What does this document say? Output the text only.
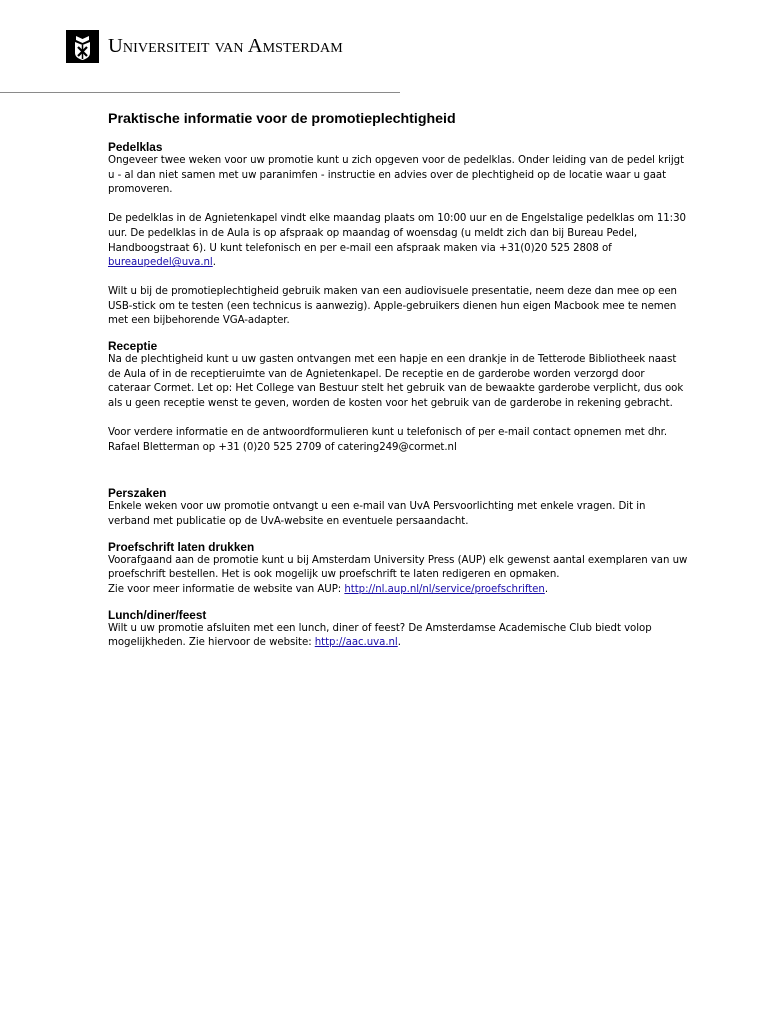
Universiteit van Amsterdam
Praktische informatie voor de promotieplechtigheid
Pedelklas

Ongeveer twee weken voor uw promotie kunt u zich opgeven voor de pedelklas. Onder leiding van de pedel krijgt u - al dan niet samen met uw paranimfen - instructie en advies over de plechtigheid op de locatie waar u gaat promoveren.

De pedelklas in de Agnietenkapel vindt elke maandag plaats om 10:00 uur en de Engelstalige pedelklas om 11:30 uur. De pedelklas in de Aula is op afspraak op maandag of woensdag (u meldt zich dan bij Bureau Pedel, Handboogstraat 6). U kunt telefonisch en per e-mail een afspraak maken via +31(0)20 525 2808 of bureaupedel@uva.nl.

Wilt u bij de promotieplechtigheid gebruik maken van een audiovisuele presentatie, neem deze dan mee op een USB-stick om te testen (een technicus is aanwezig). Apple-gebruikers dienen hun eigen Macbook mee te nemen met een bijbehorende VGA-adapter.

Receptie

Na de plechtigheid kunt u uw gasten ontvangen met een hapje en een drankje in de Tetterode Bibliotheek naast de Aula of in de receptieruimte van de Agnietenkapel. De receptie en de garderobe worden verzorgd door cateraar Cormet. Let op: Het College van Bestuur stelt het gebruik van de bewaakte garderobe verplicht, dus ook als u geen receptie wenst te geven, worden de kosten voor het gebruik van de garderobe in rekening gebracht.

Voor verdere informatie en de antwoordformulieren kunt u telefonisch of per e-mail contact opnemen met dhr. Rafael Bletterman op +31 (0)20 525 2709 of catering249@cormet.nl

Perszaken

Enkele weken voor uw promotie ontvangt u een e-mail van UvA Persvoorlichting met enkele vragen. Dit in verband met publicatie op de UvA-website en eventuele persaandacht.

Proefschrift laten drukken

Voorafgaand aan de promotie kunt u bij Amsterdam University Press (AUP) elk gewenst aantal exemplaren van uw proefschrift bestellen. Het is ook mogelijk uw proefschrift te laten redigeren en opmaken.

Zie voor meer informatie de website van AUP: http://nl.aup.nl/nl/service/proefschriften.

Lunch/diner/feest

Wilt u uw promotie afsluiten met een lunch, diner of feest? De Amsterdamse Academische Club biedt volop mogelijkheden. Zie hiervoor de website: http://aac.uva.nl.
